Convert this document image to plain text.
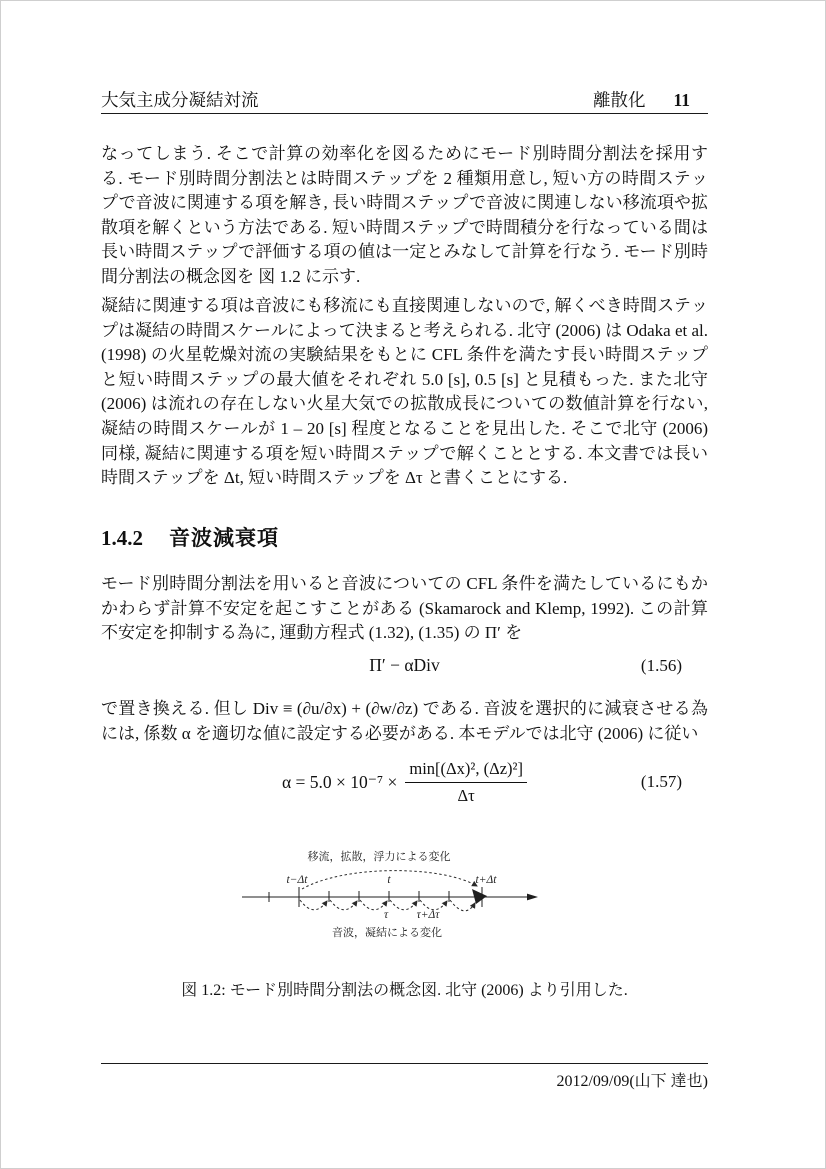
大気主成分凝結対流	離散化 11

なってしまう. そこで計算の効率化を図るためにモード別時間分割法を採用する. モード別時間分割法とは時間ステップを 2 種類用意し, 短い方の時間ステップで音波に関連する項を解き, 長い時間ステップで音波に関連しない移流項や拡散項を解くという方法である. 短い時間ステップで時間積分を行なっている間は長い時間ステップで評価する項の値は一定とみなして計算を行なう. モード別時間分割法の概念図を 図 1.2 に示す.

凝結に関連する項は音波にも移流にも直接関連しないので, 解くべき時間ステップは凝結の時間スケールによって決まると考えられる. 北守 (2006) は Odaka et al.(1998) の火星乾燥対流の実験結果をもとに CFL 条件を満たす長い時間ステップと短い時間ステップの最大値をそれぞれ 5.0 [s], 0.5 [s] と見積もった. また北守 (2006) は流れの存在しない火星大気での拡散成長についての数値計算を行ない, 凝結の時間スケールが 1 – 20 [s] 程度となることを見出した. そこで北守 (2006) 同様, 凝結に関連する項を短い時間ステップで解くこととする. 本文書では長い時間ステップを Δt, 短い時間ステップを Δτ と書くことにする.

1.4.2 音波減衰項

モード別時間分割法を用いると音波についての CFL 条件を満たしているにもかかわらず計算不安定を起こすことがある (Skamarock and Klemp, 1992). この計算不安定を抑制する為に, 運動方程式 (1.32), (1.35) の Π′ を

Π′ − αDiv	(1.56)

で置き換える. 但し Div ≡ (∂u/∂x) + (∂w/∂z) である. 音波を選択的に減衰させる為には, 係数 α を適切な値に設定する必要がある. 本モデルでは北守 (2006) に従い

$\alpha = 5.0 \times 10^{-7} \times \frac{\text{min[(Δx)², (Δz)²]}}{\Delta\tau}$	(1.57)
移流，拡散，浮力による変化
t−Δt	t	t+Δt
τ τ+Δτ
音波，凝結による変化
図 1.2: モード別時間分割法の概念図. 北守 (2006) より引用した.
2012/09/09(山下 達也)
